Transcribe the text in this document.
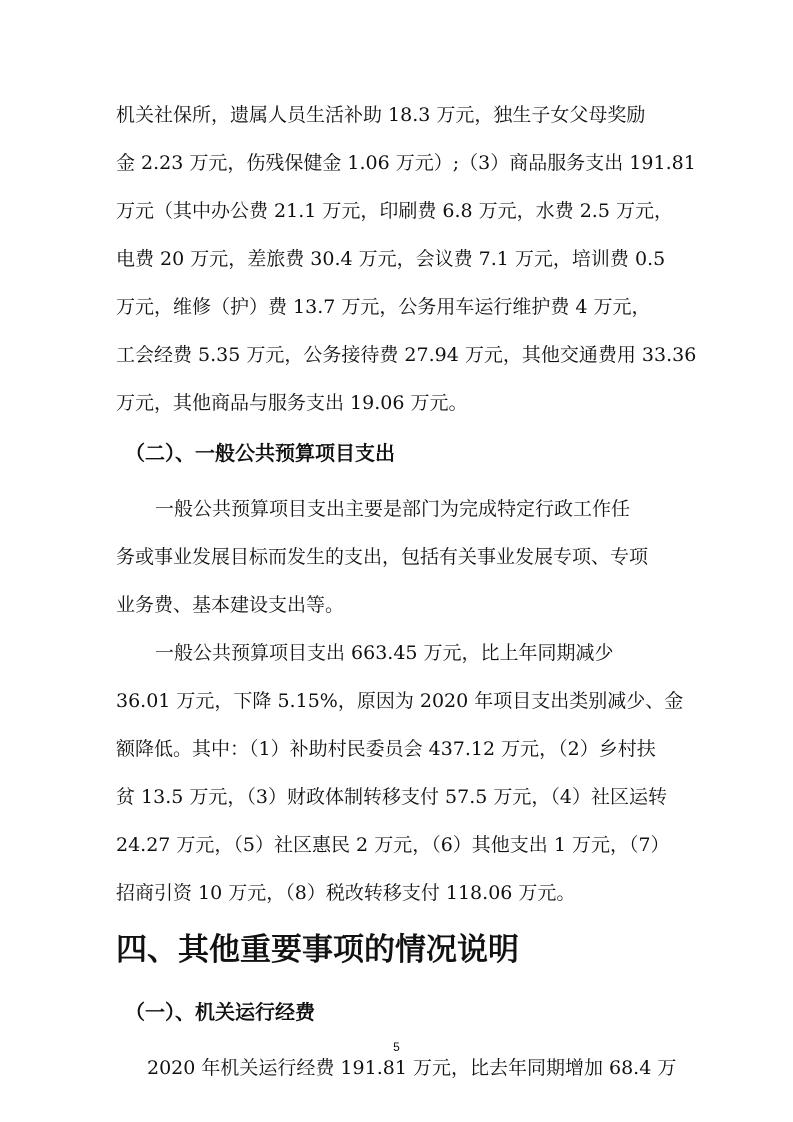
机关社保所，遗属人员生活补助 18.3 万元，独生子女父母奖励
金 2.23 万元，伤残保健金 1.06 万元）;（3）商品服务支出 191.81
万元（其中办公费 21.1 万元，印刷费 6.8 万元，水费 2.5 万元，
电费 20 万元，差旅费 30.4 万元，会议费 7.1 万元，培训费 0.5
万元，维修（护）费 13.7 万元，公务用车运行维护费 4 万元，
工会经费 5.35 万元，公务接待费 27.94 万元，其他交通费用 33.36
万元，其他商品与服务支出 19.06 万元。
（二）、一般公共预算项目支出
一般公共预算项目支出主要是部门为完成特定行政工作任
务或事业发展目标而发生的支出，包括有关事业发展专项、专项
业务费、基本建设支出等。
一般公共预算项目支出 663.45 万元，比上年同期减少
36.01 万元，下降 5.15%，原因为 2020 年项目支出类别减少、金
额降低。其中：（1）补助村民委员会 437.12 万元，（2）乡村扶
贫 13.5 万元，（3）财政体制转移支付 57.5 万元，（4）社区运转
24.27 万元，（5）社区惠民 2 万元，（6）其他支出 1 万元，（7）
招商引资 10 万元，（8）税改转移支付 118.06 万元。
四、其他重要事项的情况说明
（一）、机关运行经费
2020 年机关运行经费 191.81 万元，比去年同期增加 68.4 万
5
